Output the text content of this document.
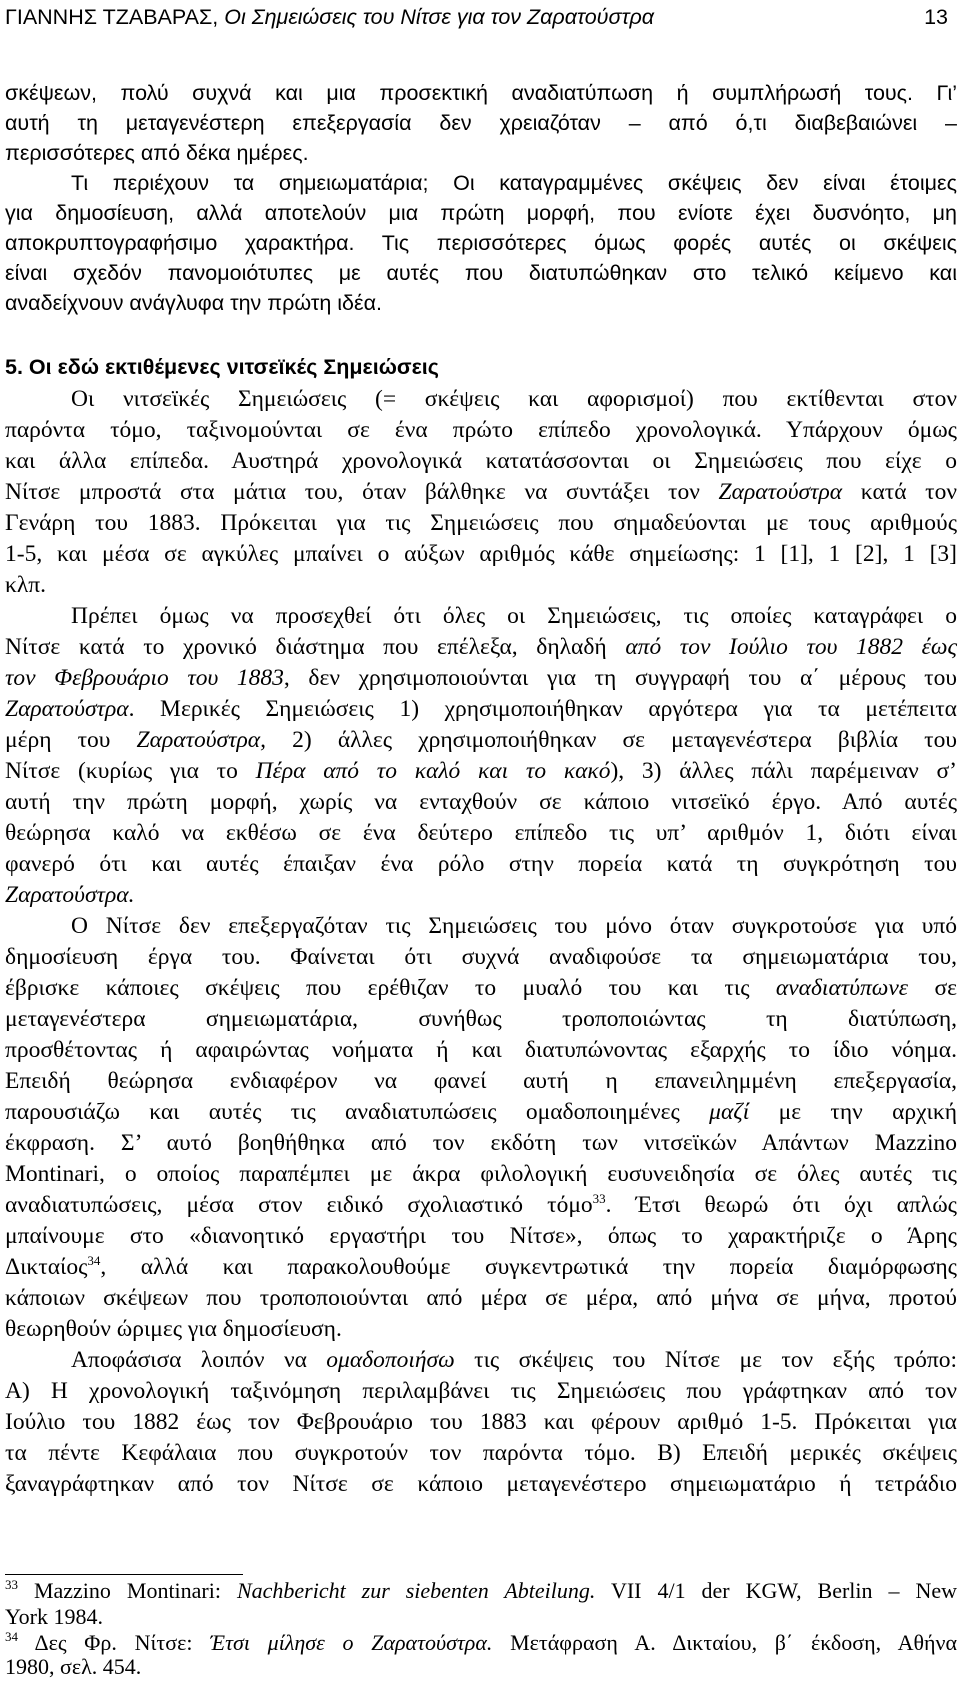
ΓΙΑΝΝΗΣ ΤΖΑΒΑΡΑΣ, Οι Σημειώσεις του Νίτσε για τον Ζαρατούστρα	13
σκέψεων, πολύ συχνά και μια προσεκτική αναδιατύπωση ή συμπλήρωσή τους. Γι’
αυτή τη μεταγενέστερη επεξεργασία δεν χρειαζόταν – από ό,τι διαβεβαιώνει –
περισσότερες από δέκα ημέρες.
Τι περιέχουν τα σημειωματάρια; Οι καταγραμμένες σκέψεις δεν είναι έτοιμες
για δημοσίευση, αλλά αποτελούν μια πρώτη μορφή, που ενίοτε έχει δυσνόητο, μη
αποκρυπτογραφήσιμο χαρακτήρα. Τις περισσότερες όμως φορές αυτές οι σκέψεις
είναι σχεδόν πανομοιότυπες με αυτές που διατυπώθηκαν στο τελικό κείμενο και
αναδείχνουν ανάγλυφα την πρώτη ιδέα.
5. Οι εδώ εκτιθέμενες νιτσεϊκές Σημειώσεις
Οι νιτσεϊκές Σημειώσεις (= σκέψεις και αφορισμοί) που εκτίθενται στον
παρόντα τόμο, ταξινομούνται σε ένα πρώτο επίπεδο χρονολογικά. Υπάρχουν όμως
και άλλα επίπεδα. Αυστηρά χρονολογικά κατατάσσονται οι Σημειώσεις που είχε ο
Νίτσε μπροστά στα μάτια του, όταν βάλθηκε να συντάξει τον Ζαρατούστρα κατά τον
Γενάρη του 1883. Πρόκειται για τις Σημειώσεις που σημαδεύονται με τους αριθμούς
1-5, και μέσα σε αγκύλες μπαίνει ο αύξων αριθμός κάθε σημείωσης: 1 [1], 1 [2], 1 [3]
κλπ.
Πρέπει όμως να προσεχθεί ότι όλες οι Σημειώσεις, τις οποίες καταγράφει ο
Νίτσε κατά το χρονικό διάστημα που επέλεξα, δηλαδή από τον Ιούλιο του 1882 έως
τον Φεβρουάριο του 1883, δεν χρησιμοποιούνται για τη συγγραφή του α΄ μέρους του
Ζαρατούστρα. Μερικές Σημειώσεις 1) χρησιμοποιήθηκαν αργότερα για τα μετέπειτα
μέρη του Ζαρατούστρα, 2) άλλες χρησιμοποιήθηκαν σε μεταγενέστερα βιβλία του
Νίτσε (κυρίως για το Πέρα από το καλό και το κακό), 3) άλλες πάλι παρέμειναν σ’
αυτή την πρώτη μορφή, χωρίς να ενταχθούν σε κάποιο νιτσεϊκό έργο. Από αυτές
θεώρησα καλό να εκθέσω σε ένα δεύτερο επίπεδο τις υπ’ αριθμόν 1, διότι είναι
φανερό ότι και αυτές έπαιξαν ένα ρόλο στην πορεία κατά τη συγκρότηση του
Ζαρατούστρα.
Ο Νίτσε δεν επεξεργαζόταν τις Σημειώσεις του μόνο όταν συγκροτούσε για υπό
δημοσίευση έργα του. Φαίνεται ότι συχνά αναδιφούσε τα σημειωματάρια του,
έβρισκε κάποιες σκέψεις που ερέθιζαν το μυαλό του και τις αναδιατύπωνε σε
μεταγενέστερα σημειωματάρια, συνήθως τροποποιώντας τη διατύπωση,
προσθέτοντας ή αφαιρώντας νοήματα ή και διατυπώνοντας εξαρχής το ίδιο νόημα.
Επειδή θεώρησα ενδιαφέρον να φανεί αυτή η επανειλημμένη επεξεργασία,
παρουσιάζω και αυτές τις αναδιατυπώσεις ομαδοποιημένες μαζί με την αρχική
έκφραση. Σ’ αυτό βοηθήθηκα από τον εκδότη των νιτσεϊκών Απάντων Mazzino
Montinari, ο οποίος παραπέμπει με άκρα φιλολογική ευσυνειδησία σε όλες αυτές τις
αναδιατυπώσεις, μέσα στον ειδικό σχολιαστικό τόμο$^{33}$. Έτσι θεωρώ ότι όχι απλώς
μπαίνουμε στο «διανοητικό εργαστήρι του Νίτσε», όπως το χαρακτήριζε ο Άρης
Δικταίος$^{34}$, αλλά και παρακολουθούμε συγκεντρωτικά την πορεία διαμόρφωσης
κάποιων σκέψεων που τροποποιούνται από μέρα σε μέρα, από μήνα σε μήνα, προτού
θεωρηθούν ώριμες για δημοσίευση.
Αποφάσισα λοιπόν να ομαδοποιήσω τις σκέψεις του Νίτσε με τον εξής τρόπο:
Α) Η χρονολογική ταξινόμηση περιλαμβάνει τις Σημειώσεις που γράφτηκαν από τον
Ιούλιο του 1882 έως τον Φεβρουάριο του 1883 και φέρουν αριθμό 1-5. Πρόκειται για
τα πέντε Κεφάλαια που συγκροτούν τον παρόντα τόμο. Β) Επειδή μερικές σκέψεις
ξαναγράφτηκαν από τον Νίτσε σε κάποιο μεταγενέστερο σημειωματάριο ή τετράδιο
$^{33}$ Mazzino Montinari: Nachbericht zur siebenten Abteilung. VII 4/1 der KGW, Berlin – New
York 1984.
$^{34}$ Δες Φρ. Νίτσε: Έτσι μίλησε ο Ζαρατούστρα. Μετάφραση Α. Δικταίου, β΄ έκδοση, Αθήνα
1980, σελ. 454.
